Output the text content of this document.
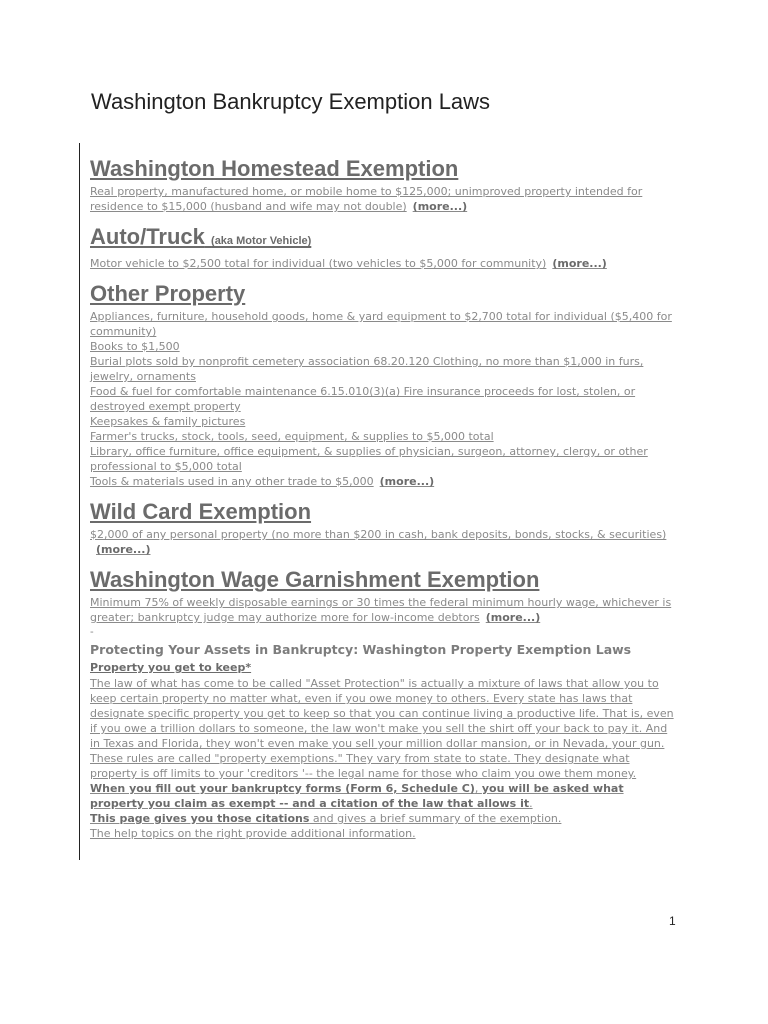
Washington Bankruptcy Exemption Laws
Washington Homestead Exemption

Real property, manufactured home, or mobile home to $125,000; unimproved property intended for residence to $15,000 (husband and wife may not double) (more...)

Auto/Truck (aka Motor Vehicle)

Motor vehicle to $2,500 total for individual (two vehicles to $5,000 for community) (more...)

Other Property

Appliances, furniture, household goods, home & yard equipment to $2,700 total for individual ($5,400 for community)

Books to $1,500

Burial plots sold by nonprofit cemetery association 68.20.120 Clothing, no more than $1,000 in furs, jewelry, ornaments

Food & fuel for comfortable maintenance 6.15.010(3)(a) Fire insurance proceeds for lost, stolen, or destroyed exempt property

Keepsakes & family pictures

Farmer's trucks, stock, tools, seed, equipment, & supplies to $5,000 total

Library, office furniture, office equipment, & supplies of physician, surgeon, attorney, clergy, or other professional to $5,000 total

Tools & materials used in any other trade to $5,000 (more...)

Wild Card Exemption

$2,000 of any personal property (no more than $200 in cash, bank deposits, bonds, stocks, & securities)(more...)

Washington Wage Garnishment Exemption

Minimum 75% of weekly disposable earnings or 30 times the federal minimum hourly wage, whichever is greater; bankruptcy judge may authorize more for low-income debtors (more...)

-

Protecting Your Assets in Bankruptcy: Washington Property Exemption Laws

Property you get to keep*

The law of what has come to be called "Asset Protection" is actually a mixture of laws that allow you to keep certain property no matter what, even if you owe money to others. Every state has laws that designate specific property you get to keep so that you can continue living a productive life. That is, even if you owe a trillion dollars to someone, the law won't make you sell the shirt off your back to pay it. And in Texas and Florida, they won't even make you sell your million dollar mansion, or in Nevada, your gun.

These rules are called "property exemptions." They vary from state to state. They designate what property is off limits to your 'creditors '-- the legal name for those who claim you owe them money.

When you fill out your bankruptcy forms (Form 6, Schedule C), you will be asked what property you claim as exempt -- and a citation of the law that allows it.

This page gives you those citations and gives a brief summary of the exemption.

The help topics on the right provide additional information.

1
